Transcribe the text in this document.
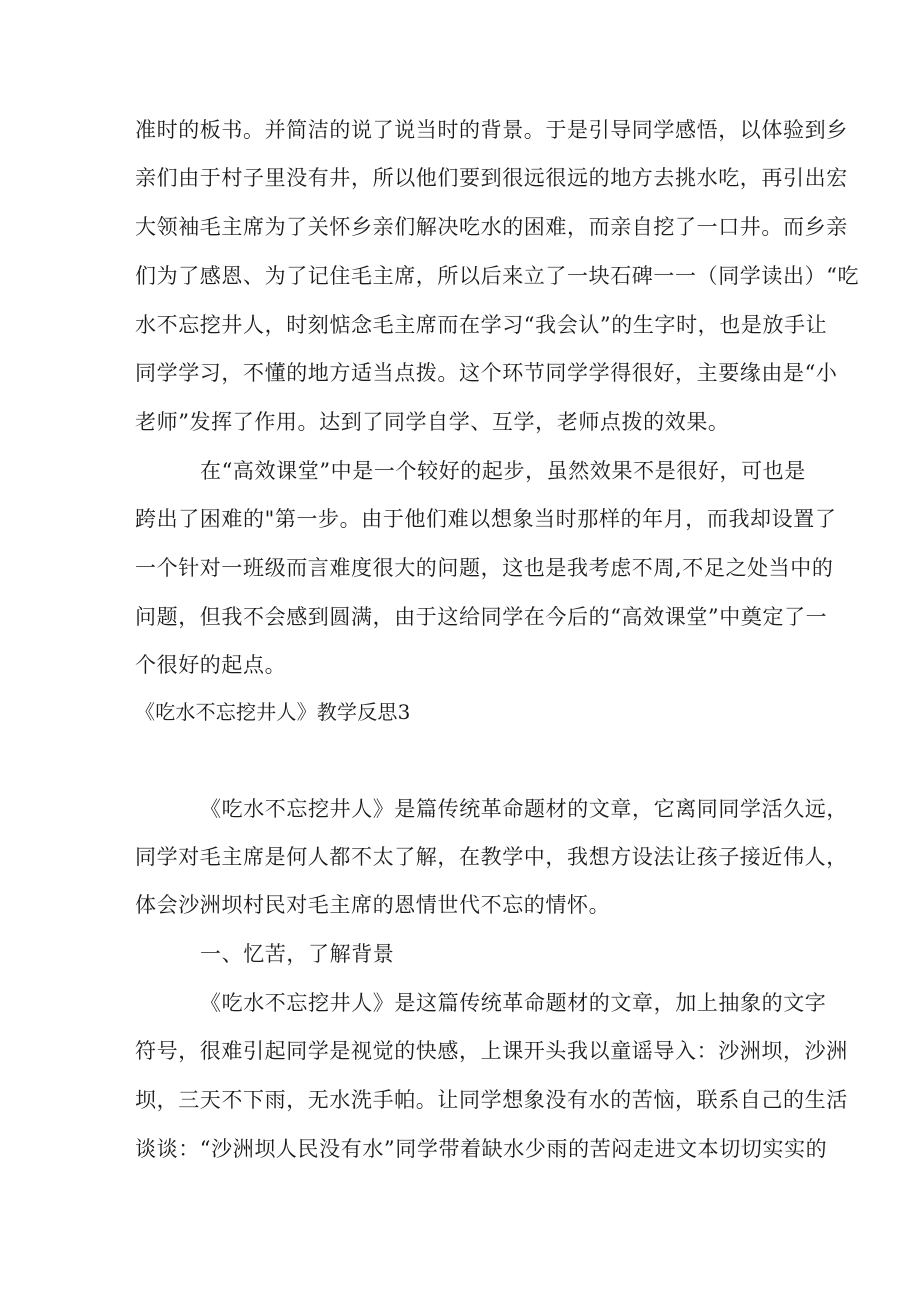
准时的板书。并简洁的说了说当时的背景。于是引导同学感悟，以体验到乡
亲们由于村子里没有井，所以他们要到很远很远的地方去挑水吃，再引出宏
大领袖毛主席为了关怀乡亲们解决吃水的困难，而亲自挖了一口井。而乡亲
们为了感恩、为了记住毛主席，所以后来立了一块石碑一一（同学读出）“吃
水不忘挖井人，时刻惦念毛主席而在学习“我会认”的生字时，也是放手让
同学学习，不懂的地方适当点拨。这个环节同学学得很好，主要缘由是“小
老师”发挥了作用。达到了同学自学、互学，老师点拨的效果。
在“高效课堂”中是一个较好的起步，虽然效果不是很好，可也是
跨出了困难的"第一步。由于他们难以想象当时那样的年月，而我却设置了
一个针对一班级而言难度很大的问题，这也是我考虑不周,不足之处当中的
问题，但我不会感到圆满，由于这给同学在今后的“高效课堂”中奠定了一
个很好的起点。
《吃水不忘挖井人》教学反思3
《吃水不忘挖井人》是篇传统革命题材的文章，它离同同学活久远，
同学对毛主席是何人都不太了解，在教学中，我想方设法让孩子接近伟人，
体会沙洲坝村民对毛主席的恩情世代不忘的情怀。
一、忆苦，了解背景
《吃水不忘挖井人》是这篇传统革命题材的文章，加上抽象的文字
符号，很难引起同学是视觉的快感，上课开头我以童谣导入：沙洲坝，沙洲
坝，三天不下雨，无水洗手帕。让同学想象没有水的苦恼，联系自己的生活
谈谈：“沙洲坝人民没有水”同学带着缺水少雨的苦闷走进文本切切实实的
